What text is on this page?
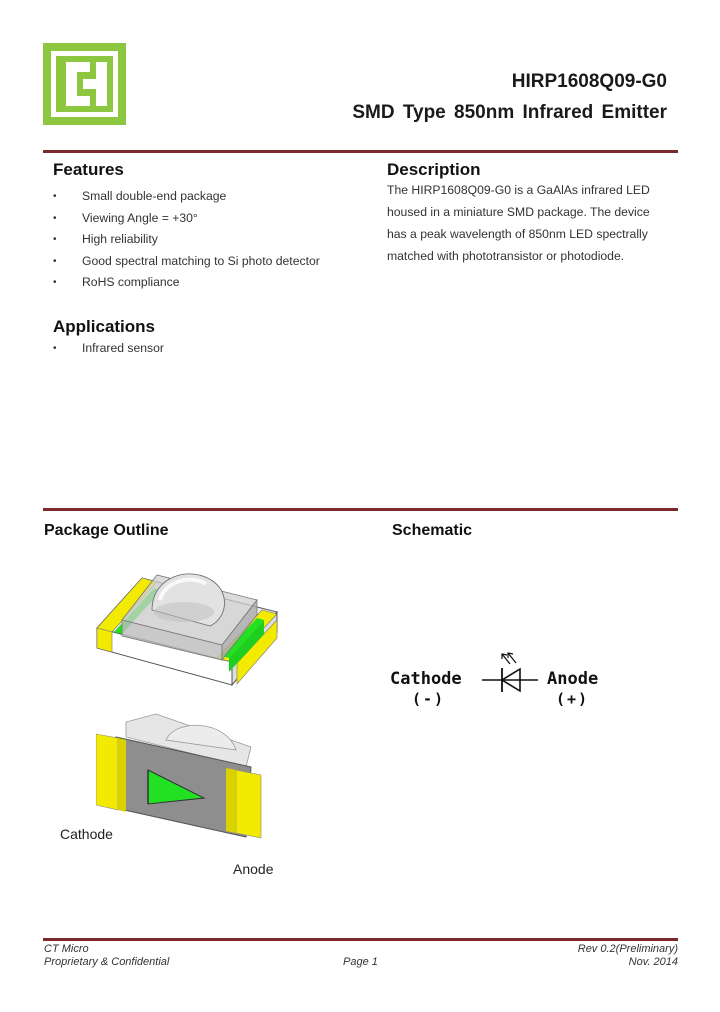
HIRP1608Q09-G0
SMD Type 850nm Infrared Emitter
Features
• Small double-end package
• Viewing Angle = +30°
• High reliability
• Good spectral matching to Si photo detector
• RoHS compliance
Description
The HIRP1608Q09-G0 is a GaAlAs infrared LED
housed in a miniature SMD package. The device
has a peak wavelength of 850nm LED spectrally
matched with phototransistor or photodiode.
Applications
• Infrared sensor
Package Outline
Cathode
Anode
Schematic
Cathode
(-)
Anode
(+)
CT Micro
Proprietary & Confidential	Page 1
Rev 0.2(Preliminary)
Nov. 2014
